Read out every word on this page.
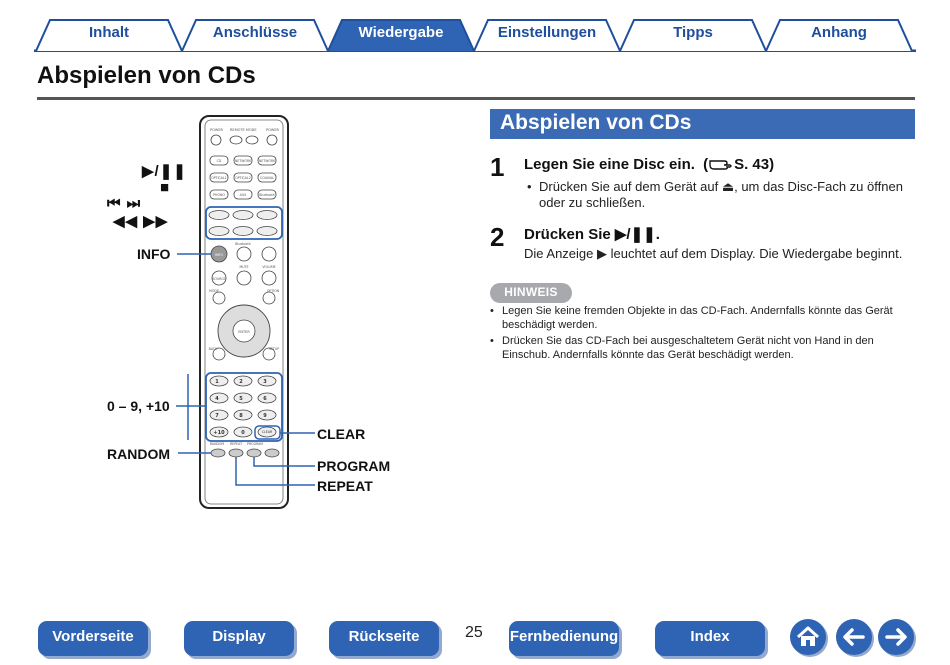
Inhalt	Anschlüsse	Wiedergabe	Einstellungen	Tipps	Anhang
Abspielen von CDs
POWER REMOTE MODE	POWER
CD	NETWORK NETWORK
OPTICAL1	OPTICAL2	COAXIAL
PHONO	AUX	Bluetooth
Bluetooth
INFO
SOURCE
MUTE	VOLUME
MODE	OPTION
ENTER
BACK	SETUP
1	2	3
4	5	6
7	8	9
+10	0	CLEAR
RANDOM REPEAT PROGRAM
▶/❚❚
■
⏮ ⏭
◀◀ ▶▶
INFO
0 – 9, +10
RANDOM
CLEAR
PROGRAM
REPEAT
Abspielen von CDs
1 Legen Sie eine Disc ein. ( S. 43)
• Drücken Sie auf dem Gerät auf ⏏, um das Disc-Fach zu öffnen oder zu schließen.
2 Drücken Sie ▶/❚❚.
Die Anzeige ▶ leuchtet auf dem Display. Die Wiedergabe beginnt.
HINWEIS
• Legen Sie keine fremden Objekte in das CD-Fach. Andernfalls könnte das Gerät beschädigt werden.
• Drücken Sie das CD-Fach bei ausgeschaltetem Gerät nicht von Hand in den Einschub. Andernfalls könnte das Gerät beschädigt werden.
Vorderseite	Display	Rückseite	25 Fernbedienung	Index
